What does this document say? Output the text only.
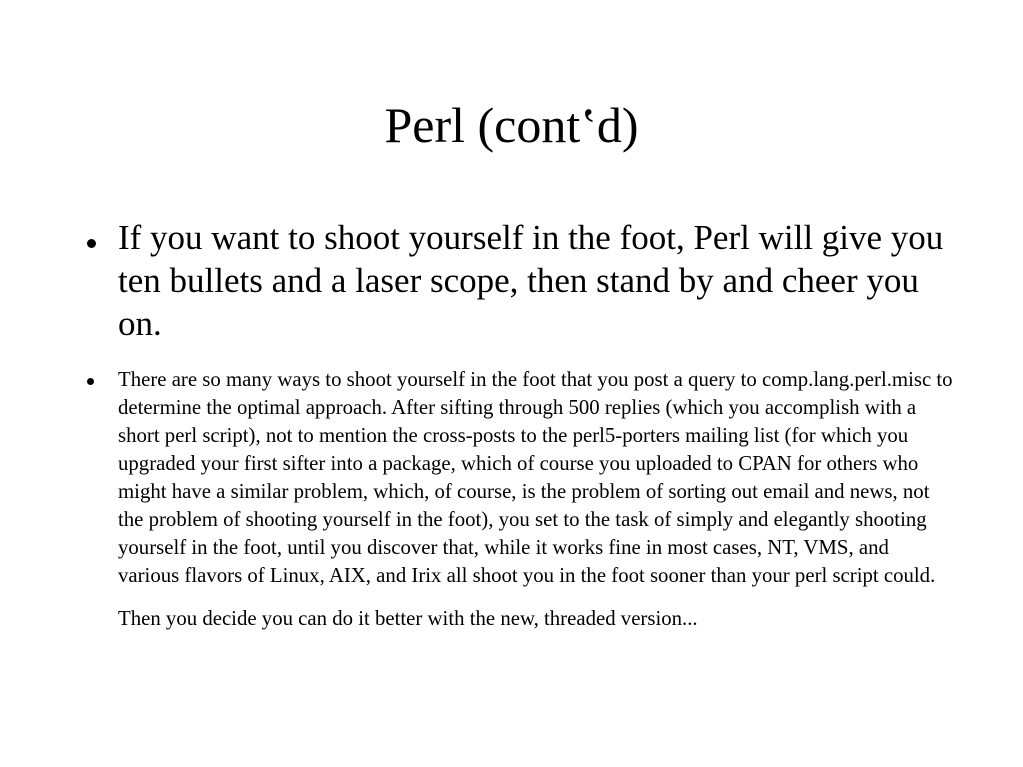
Perl (cont‛d)

If you want to shoot yourself in the foot, Perl will give you ten bullets and a laser scope, then stand by and cheer you on.

There are so many ways to shoot yourself in the foot that you post a query to comp.lang.perl.misc to determine the optimal approach. After sifting through 500 replies (which you accomplish with a short perl script), not to mention the cross-posts to the perl5-porters mailing list (for which you upgraded your first sifter into a package, which of course you uploaded to CPAN for others who might have a similar problem, which, of course, is the problem of sorting out email and news, not the problem of shooting yourself in the foot), you set to the task of simply and elegantly shooting yourself in the foot, until you discover that, while it works fine in most cases, NT, VMS, and various flavors of Linux, AIX, and Irix all shoot you in the foot sooner than your perl script could.

Then you decide you can do it better with the new, threaded version...
